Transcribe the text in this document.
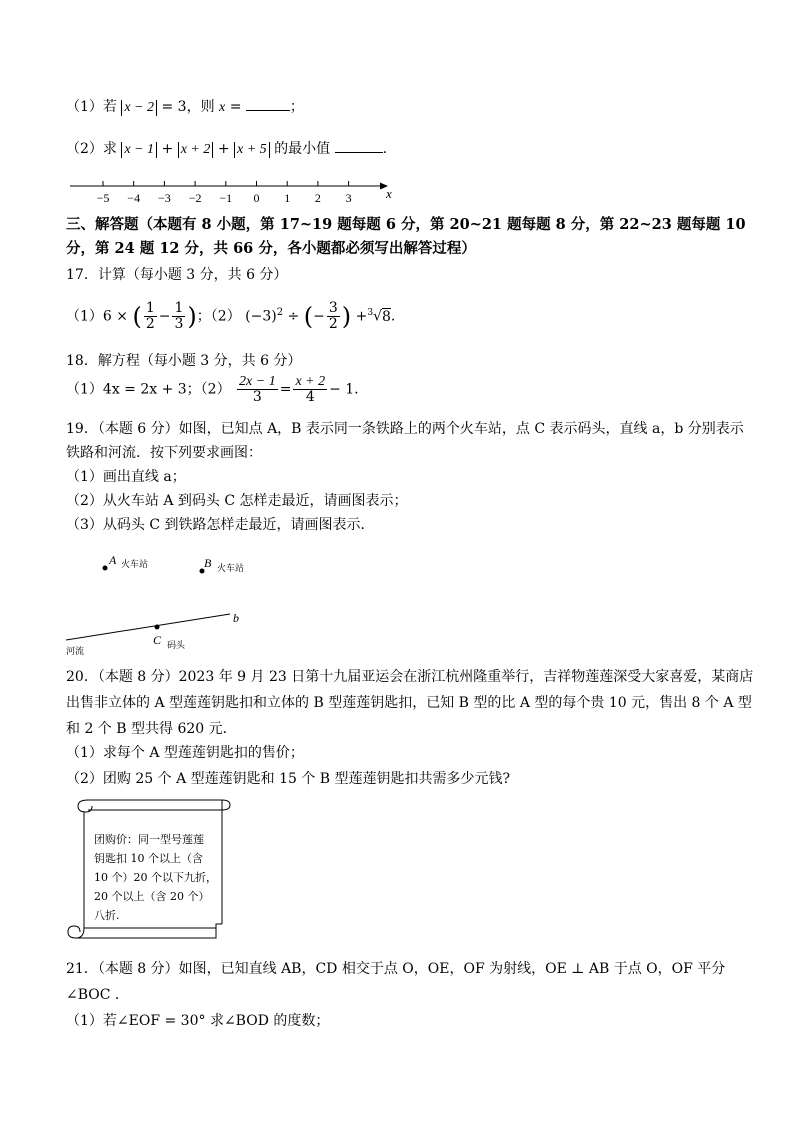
（1）若 x − 2 = 3，则 x =	；
（2）求 x − 1 + x + 2 + x + 5 的最小值	.
−5 −4 −3 −2 −1 0 1 2 3	x
三、解答题（本题有 8 小题，第 17~19 题每题 6 分，第 20~21 题每题 8 分，第 22~23 题每题 10
分，第 24 题 12 分，共 66 分，各小题都必须写出解答过程）
17．计算（每小题 3 分，共 6 分）
（1）6 × ( $\frac{1}{2} - \frac{1}{3}$ )；（2） $(-3)^2$ ÷ (− $\frac{3}{2}$ ) +$^3$√8.
18．解方程（每小题 3 分，共 6 分）
（1）4x = 2x + 3；$(2) \frac{2x - 1}{3} = \frac{x + 2}{4} - 1$．
19．（本题 6 分）如图，已知点 A，B 表示同一条铁路上的两个火车站，点 C 表示码头，直线 a，b 分别表示
铁路和河流．按下列要求画图：
（1）画出直线 a；
（2）从火车站 A 到码头 C 怎样走最近，请画图表示；
（3）从码头 C 到铁路怎样走最近，请画图表示．
A	B
C
b
火车站	火车站
码头
河流
20．（本题 8 分）2023 年 9 月 23 日第十九届亚运会在浙江杭州隆重举行，吉祥物莲莲深受大家喜爱，某商店
出售非立体的 A 型莲莲钥匙扣和立体的 B 型莲莲钥匙扣，已知 B 型的比 A 型的每个贵 10 元，售出 8 个 A 型
和 2 个 B 型共得 620 元．
（1）求每个 A 型莲莲钥匙扣的售价；
（2）团购 25 个 A 型莲莲钥匙和 15 个 B 型莲莲钥匙扣共需多少元钱?
团购价：同一型号莲莲
钥匙扣 10 个以上（含
10 个）20 个以下九折，
20 个以上（含 20 个）
八折.
21．（本题 8 分）如图，已知直线 AB，CD 相交于点 O，OE，OF 为射线，OE ⊥ AB 于点 O，OF 平分
∠BOC ．
（1）若∠EOF = 30° 求∠BOD 的度数；
